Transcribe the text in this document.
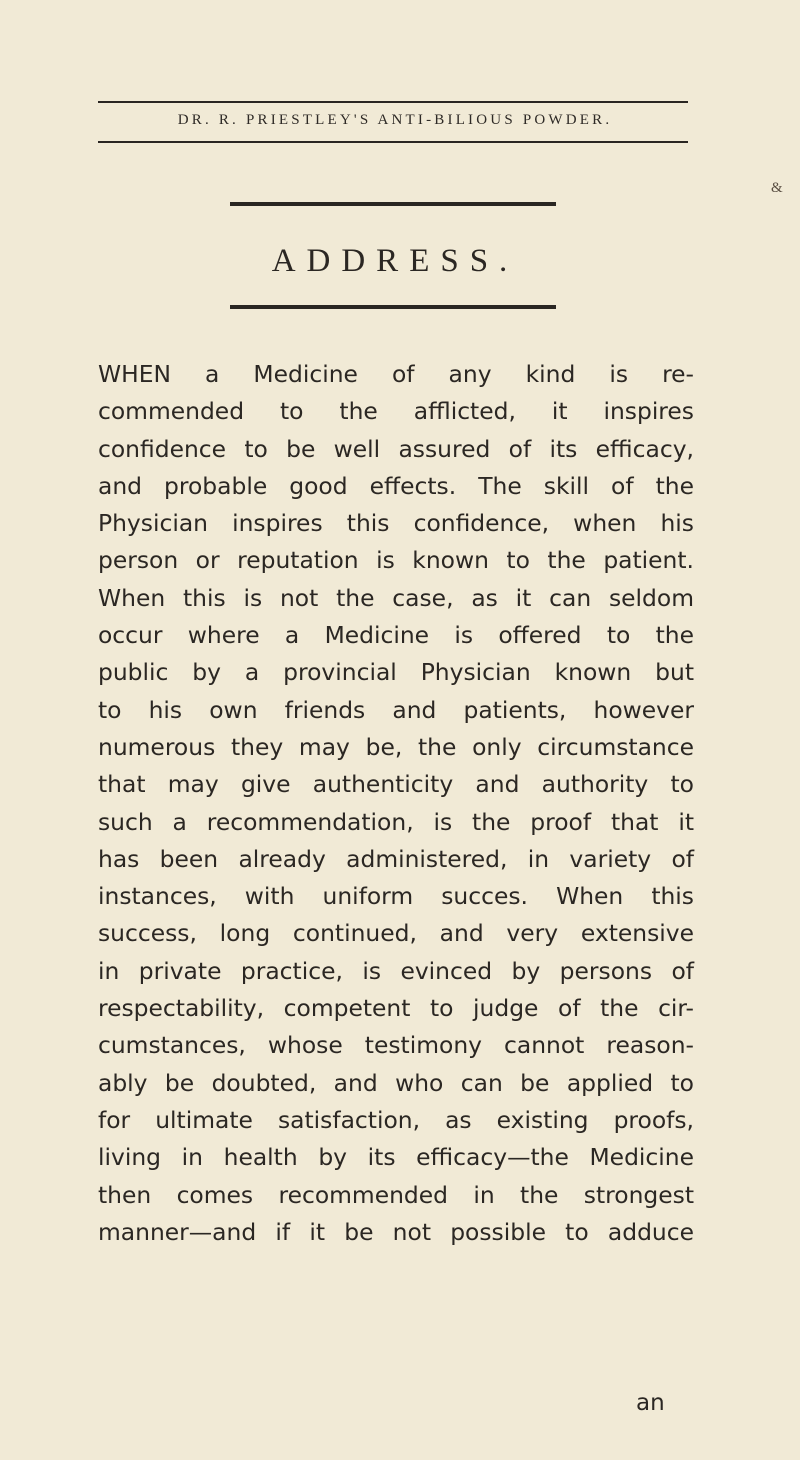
DR. R. PRIESTLEY'S ANTI-BILIOUS POWDER.
&
ADDRESS.
WHEN a Medicine of any kind is re-
commended to the afflicted, it inspires
confidence to be well assured of its efficacy,
and probable good effects. The skill of the
Physician inspires this confidence, when his
person or reputation is known to the patient.
When this is not the case, as it can seldom
occur where a Medicine is offered to the
public by a provincial Physician known but
to his own friends and patients, however
numerous they may be, the only circumstance
that may give authenticity and authority to
such a recommendation, is the proof that it
has been already administered, in variety of
instances, with uniform succes. When this
success, long continued, and very extensive
in private practice, is evinced by persons of
respectability, competent to judge of the cir-
cumstances, whose testimony cannot reason-
ably be doubted, and who can be applied to
for ultimate satisfaction, as existing proofs,
living in health by its efficacy—the Medicine
then comes recommended in the strongest
manner—and if it be not possible to adduce
an
